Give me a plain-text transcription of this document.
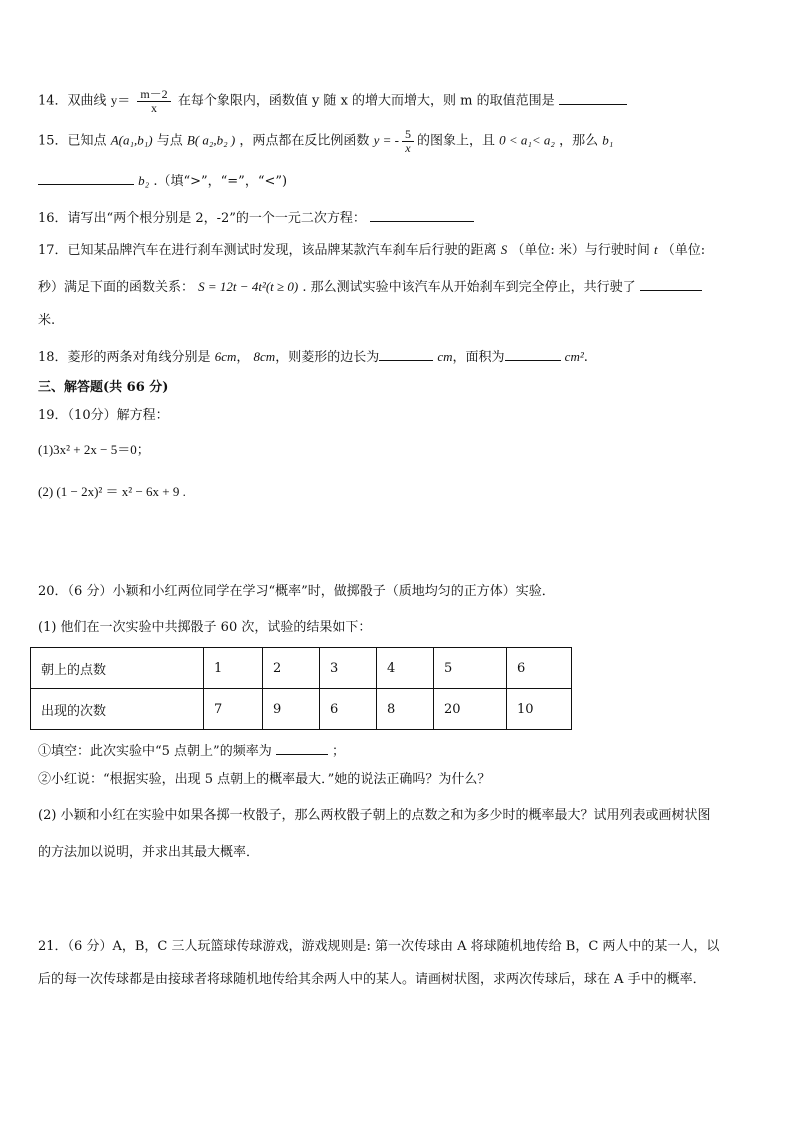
14．双曲线 $y= \frac{m-2}{x}$ 在每个象限内，函数值 y 随 x 的增大而增大，则 m 的取值范围是
15．已知点 A(a₁,b₁) 与点 B( a₂,b₂ ) ，两点都在反比例函数 y = - $\frac{5}{x}$ 的图象上，且 0 < a₁< a₂ ，那么 b₁
b₂ .（填“>”，“=”，“<”)
16．请写出“两个根分别是 2，-2”的一个一元二次方程：
17．已知某品牌汽车在进行刹车测试时发现，该品牌某款汽车刹车后行驶的距离 S （单位: 米）与行驶时间 t （单位:
秒）满足下面的函数关系： S = 12t − 4t²(t ≥ 0) . 那么测试实验中该汽车从开始刹车到完全停止，共行驶了
米.
18．菱形的两条对角线分别是 6cm， 8cm，则菱形的边长为	cm，面积为	cm².
三、解答题(共 66 分)
19．（10分）解方程：
(1)3x² + 2x − 5＝0；
(2) (1 − 2x)² ＝ x² − 6x + 9 .
20．（6 分）小颖和小红两位同学在学习“概率”时，做掷骰子（质地均匀的正方体）实验．
(1) 他们在一次实验中共掷骰子 60 次，试验的结果如下：
朝上的点数	1	2	3	4	5	6
出现的次数	7	9	6	8	20	10
①填空：此次实验中“5 点朝上”的频率为	；
②小红说：“根据实验，出现 5 点朝上的概率最大．”她的说法正确吗？为什么？
(2) 小颖和小红在实验中如果各掷一枚骰子，那么两枚骰子朝上的点数之和为多少时的概率最大？试用列表或画树状图
的方法加以说明，并求出其最大概率．
21．（6 分）A，B，C 三人玩篮球传球游戏，游戏规则是: 第一次传球由 A 将球随机地传给 B，C 两人中的某一人，以
后的每一次传球都是由接球者将球随机地传给其余两人中的某人。请画树状图，求两次传球后，球在 A 手中的概率．
